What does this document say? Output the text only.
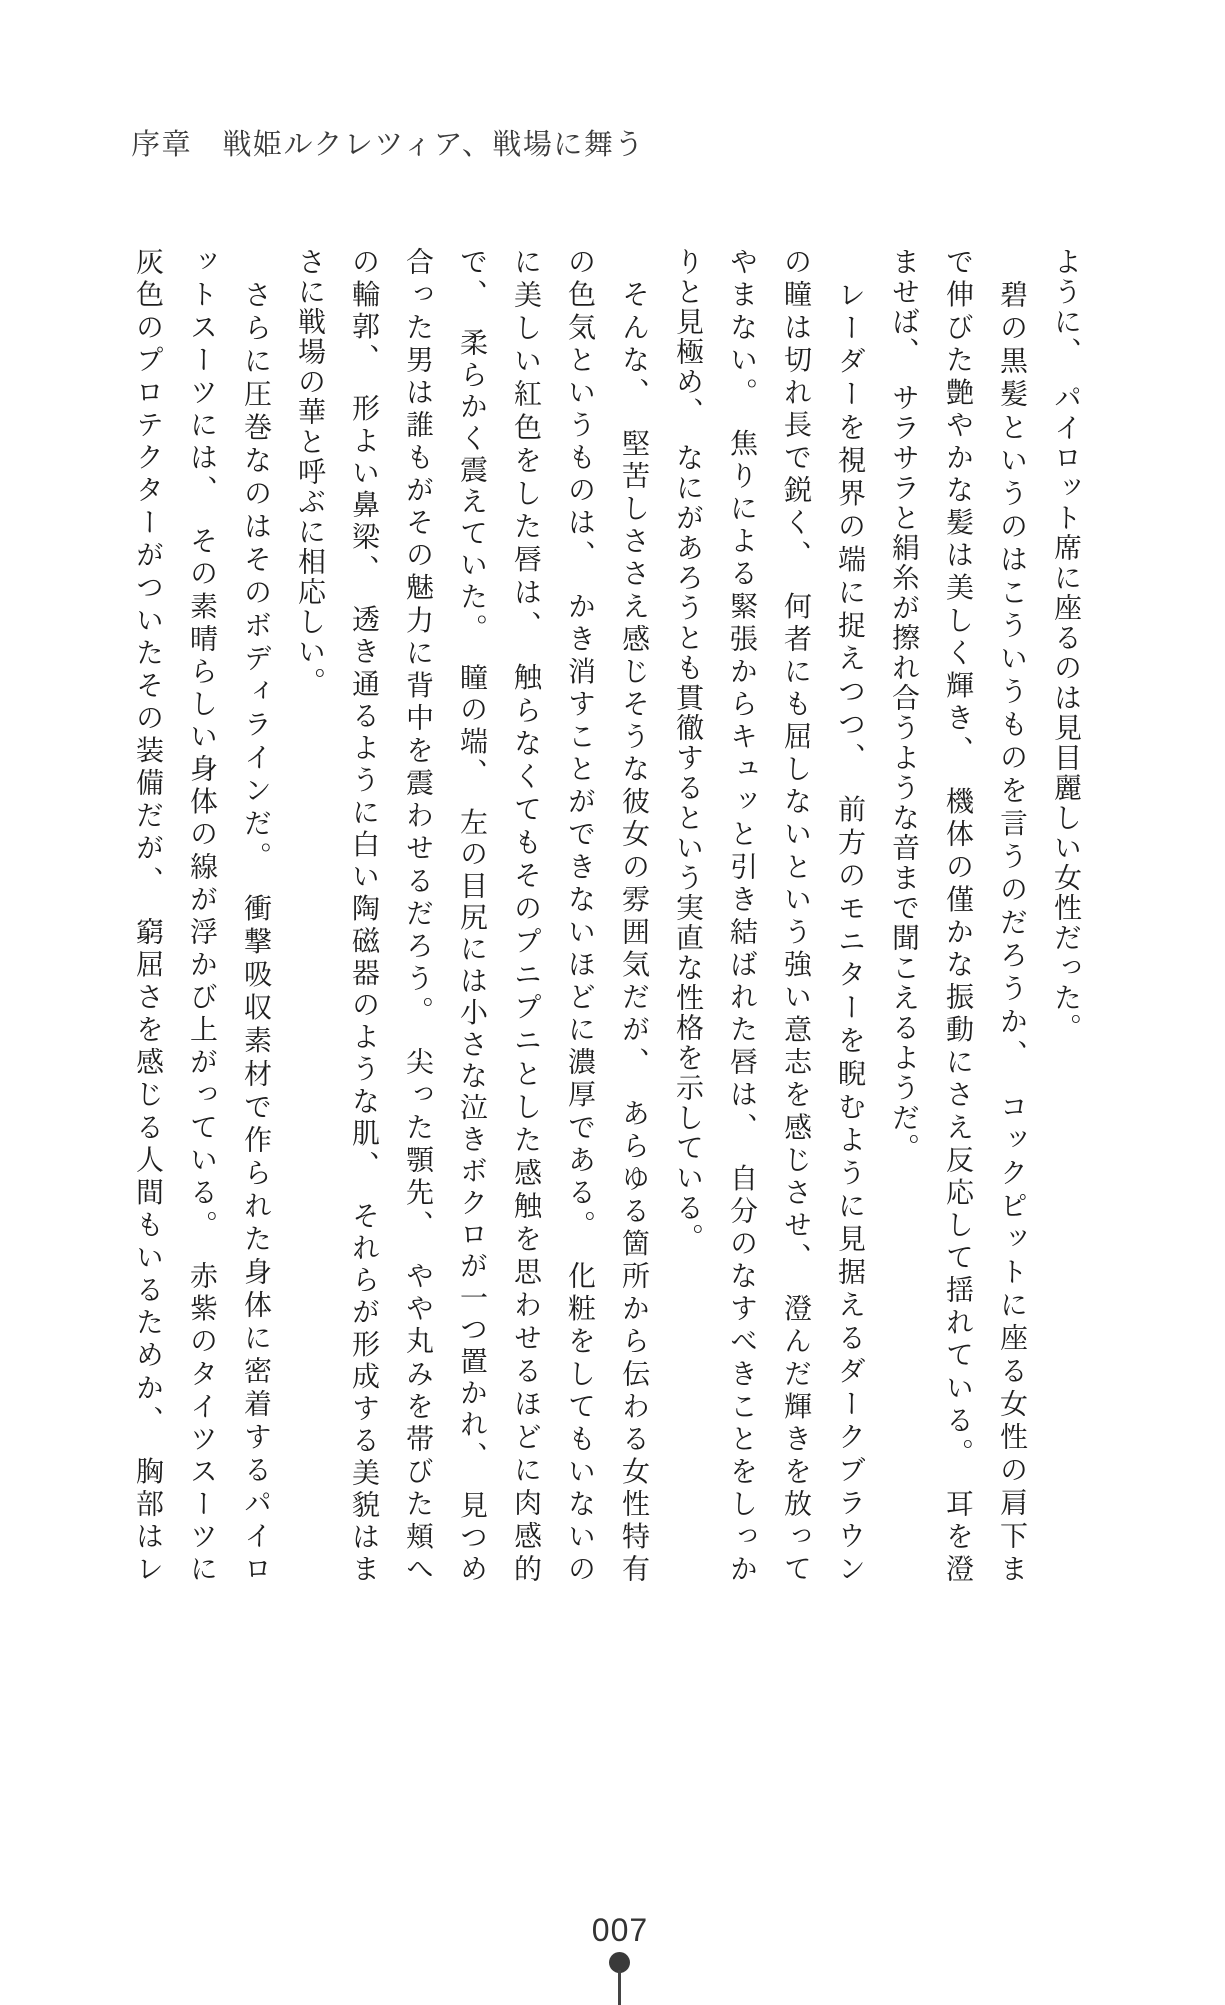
序章　戦姫ルクレツィア、戦場に舞う
ように、　パイロット席に座るのは見目麗しい女性だった。
　碧の黒髪というのはこういうものを言うのだろうか、　コックピットに座る女性の肩下ま
で伸びた艶やかな髪は美しく輝き、　機体の僅かな振動にさえ反応して揺れている。　耳を澄
ませば、　サラサラと絹糸が擦れ合うような音まで聞こえるようだ。
　レーダーを視界の端に捉えつつ、　前方のモニターを睨むように見据えるダークブラウン
の瞳は切れ長で鋭く、　何者にも屈しないという強い意志を感じさせ、　澄んだ輝きを放って
やまない。　焦りによる緊張からキュッと引き結ばれた唇は、　自分のなすべきことをしっか
りと見極め、　なにがあろうとも貫徹するという実直な性格を示している。
　そんな、　堅苦しささえ感じそうな彼女の雰囲気だが、　あらゆる箇所から伝わる女性特有
の色気というものは、　かき消すことができないほどに濃厚である。　化粧をしてもいないの
に美しい紅色をした唇は、　触らなくてもそのプニプニとした感触を思わせるほどに肉感的
で、　柔らかく震えていた。　瞳の端、　左の目尻には小さな泣きボクロが一つ置かれ、　見つめ
合った男は誰もがその魅力に背中を震わせるだろう。　尖った顎先、　やや丸みを帯びた頬へ
の輪郭、　形よい鼻梁、　透き通るように白い陶磁器のような肌、　それらが形成する美貌はま
さに戦場の華と呼ぶに相応しい。
　さらに圧巻なのはそのボディラインだ。　衝撃吸収素材で作られた身体に密着するパイロ
ットスーツには、　その素晴らしい身体の線が浮かび上がっている。　赤紫のタイツスーツに
灰色のプロテクターがついたその装備だが、　窮屈さを感じる人間もいるためか、　胸部はレ
007
